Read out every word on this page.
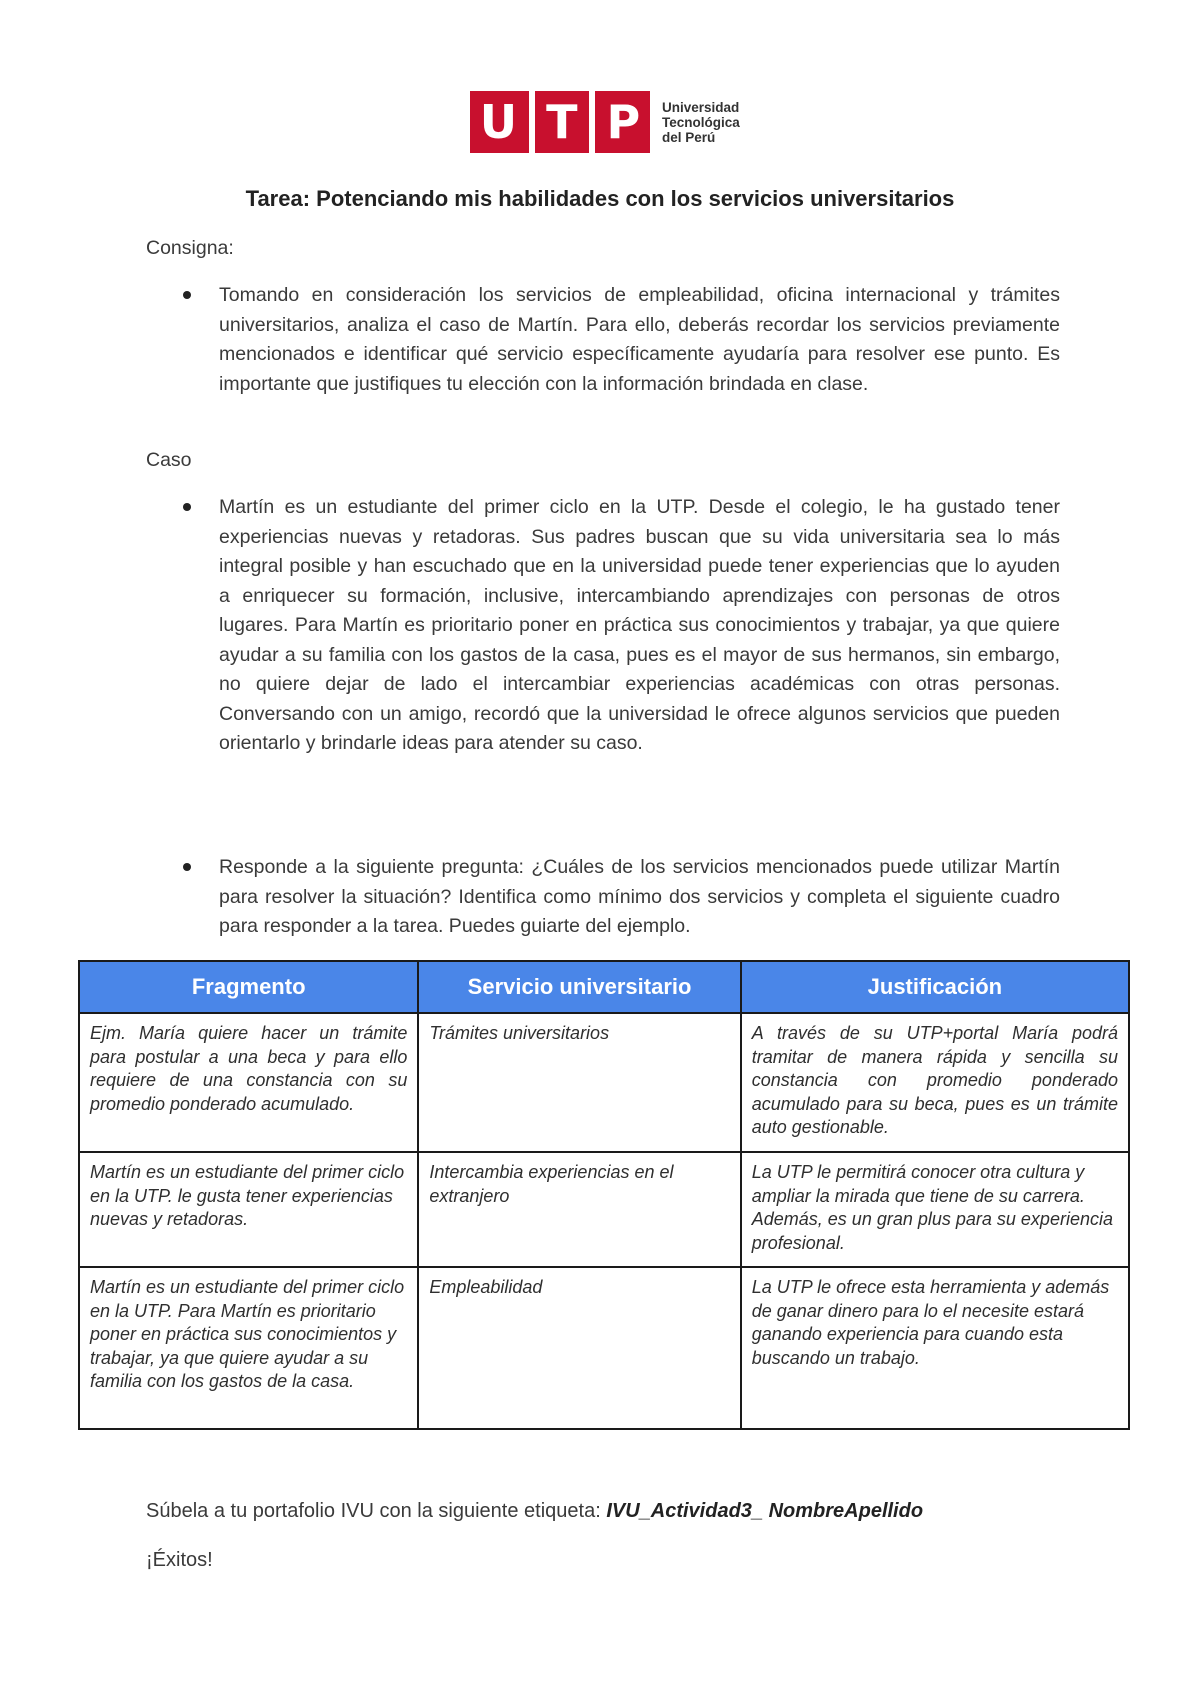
U T P Universidad
Tecnológica
del Perú
Tarea: Potenciando mis habilidades con los servicios universitarios
Consigna:
Tomando en consideración los servicios de empleabilidad, oficina internacional y trámites universitarios, analiza el caso de Martín. Para ello, deberás recordar los servicios previamente mencionados e identificar qué servicio específicamente ayudaría para resolver ese punto. Es importante que justifiques tu elección con la información brindada en clase.
Caso
Martín es un estudiante del primer ciclo en la UTP. Desde el colegio, le ha gustado tener experiencias nuevas y retadoras. Sus padres buscan que su vida universitaria sea lo más integral posible y han escuchado que en la universidad puede tener experiencias que lo ayuden a enriquecer su formación, inclusive, intercambiando aprendizajes con personas de otros lugares. Para Martín es prioritario poner en práctica sus conocimientos y trabajar, ya que quiere ayudar a su familia con los gastos de la casa, pues es el mayor de sus hermanos, sin embargo, no quiere dejar de lado el intercambiar experiencias académicas con otras personas. Conversando con un amigo, recordó que la universidad le ofrece algunos servicios que pueden orientarlo y brindarle ideas para atender su caso.
Responde a la siguiente pregunta: ¿Cuáles de los servicios mencionados puede utilizar Martín para resolver la situación? Identifica como mínimo dos servicios y completa el siguiente cuadro para responder a la tarea. Puedes guiarte del ejemplo.
Fragmento	Servicio universitario	Justificación
Ejm. María quiere hacer un trámite para postular a una beca y para ello requiere de una constancia con su promedio ponderado acumulado.	Trámites universitarios	A través de su UTP+portal María podrá tramitar de manera rápida y sencilla su constancia con promedio ponderado acumulado para su beca, pues es un trámite auto gestionable.
Martín es un estudiante del primer ciclo en la UTP. le gusta tener experiencias nuevas y retadoras.	Intercambia experiencias en el extranjero	La UTP le permitirá conocer otra cultura y ampliar la mirada que tiene de su carrera. Además, es un gran plus para su experiencia profesional.
Martín es un estudiante del primer ciclo en la UTP. Para Martín es prioritario poner en práctica sus conocimientos y trabajar, ya que quiere ayudar a su familia con los gastos de la casa.	Empleabilidad	La UTP le ofrece esta herramienta y además de ganar dinero para lo el necesite estará ganando experiencia para cuando esta buscando un trabajo.
Súbela a tu portafolio IVU con la siguiente etiqueta: IVU_Actividad3_ NombreApellido
¡Éxitos!
